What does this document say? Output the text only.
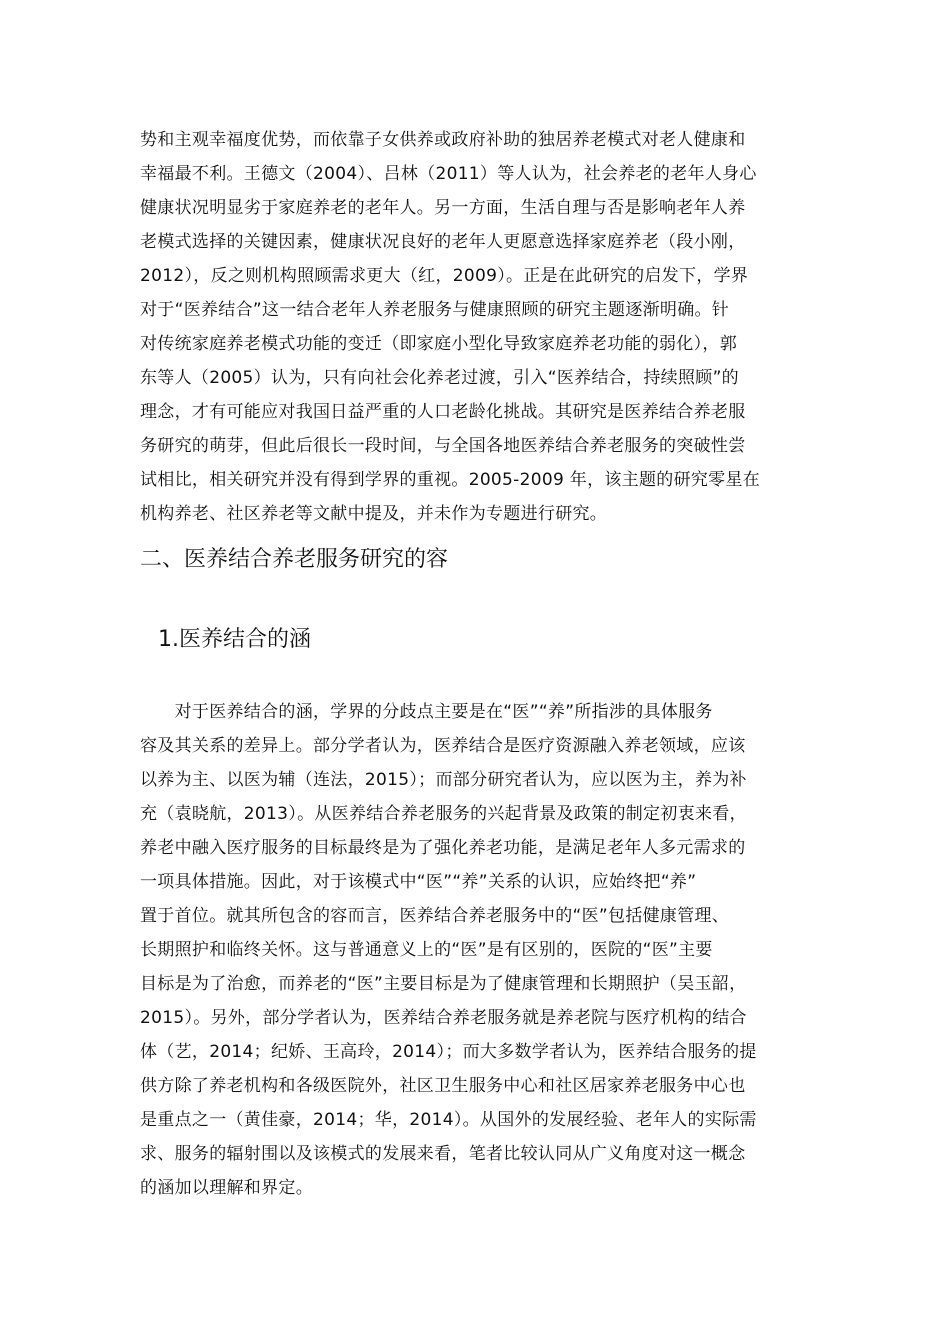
势和主观幸福度优势，而依靠子女供养或政府补助的独居养老模式对老人健康和
幸福最不利。王德文（2004）、吕林（2011）等人认为，社会养老的老年人身心
健康状况明显劣于家庭养老的老年人。另一方面，生活自理与否是影响老年人养
老模式选择的关键因素，健康状况良好的老年人更愿意选择家庭养老（段小刚，
2012），反之则机构照顾需求更大（红，2009）。正是在此研究的启发下，学界
对于“医养结合”这一结合老年人养老服务与健康照顾的研究主题逐渐明确。针
对传统家庭养老模式功能的变迁（即家庭小型化导致家庭养老功能的弱化），郭
东等人（2005）认为，只有向社会化养老过渡，引入“医养结合，持续照顾”的
理念，才有可能应对我国日益严重的人口老龄化挑战。其研究是医养结合养老服
务研究的萌芽，但此后很长一段时间，与全国各地医养结合养老服务的突破性尝
试相比，相关研究并没有得到学界的重视。2005-2009 年，该主题的研究零星在
机构养老、社区养老等文献中提及，并未作为专题进行研究。
二、医养结合养老服务研究的容
1.医养结合的涵
　　对于医养结合的涵，学界的分歧点主要是在“医”“养”所指涉的具体服务
容及其关系的差异上。部分学者认为，医养结合是医疗资源融入养老领域，应该
以养为主、以医为辅（连法，2015）；而部分研究者认为，应以医为主，养为补
充（袁晓航，2013）。从医养结合养老服务的兴起背景及政策的制定初衷来看，
养老中融入医疗服务的目标最终是为了强化养老功能，是满足老年人多元需求的
一项具体措施。因此，对于该模式中“医”“养”关系的认识，应始终把“养”
置于首位。就其所包含的容而言，医养结合养老服务中的“医”包括健康管理、
长期照护和临终关怀。这与普通意义上的“医”是有区别的，医院的“医”主要
目标是为了治愈，而养老的“医”主要目标是为了健康管理和长期照护（吴玉韶，
2015）。另外，部分学者认为，医养结合养老服务就是养老院与医疗机构的结合
体（艺，2014；纪娇、王高玲，2014）；而大多数学者认为，医养结合服务的提
供方除了养老机构和各级医院外，社区卫生服务中心和社区居家养老服务中心也
是重点之一（黄佳豪，2014；华，2014）。从国外的发展经验、老年人的实际需
求、服务的辐射围以及该模式的发展来看，笔者比较认同从广义角度对这一概念
的涵加以理解和界定。
